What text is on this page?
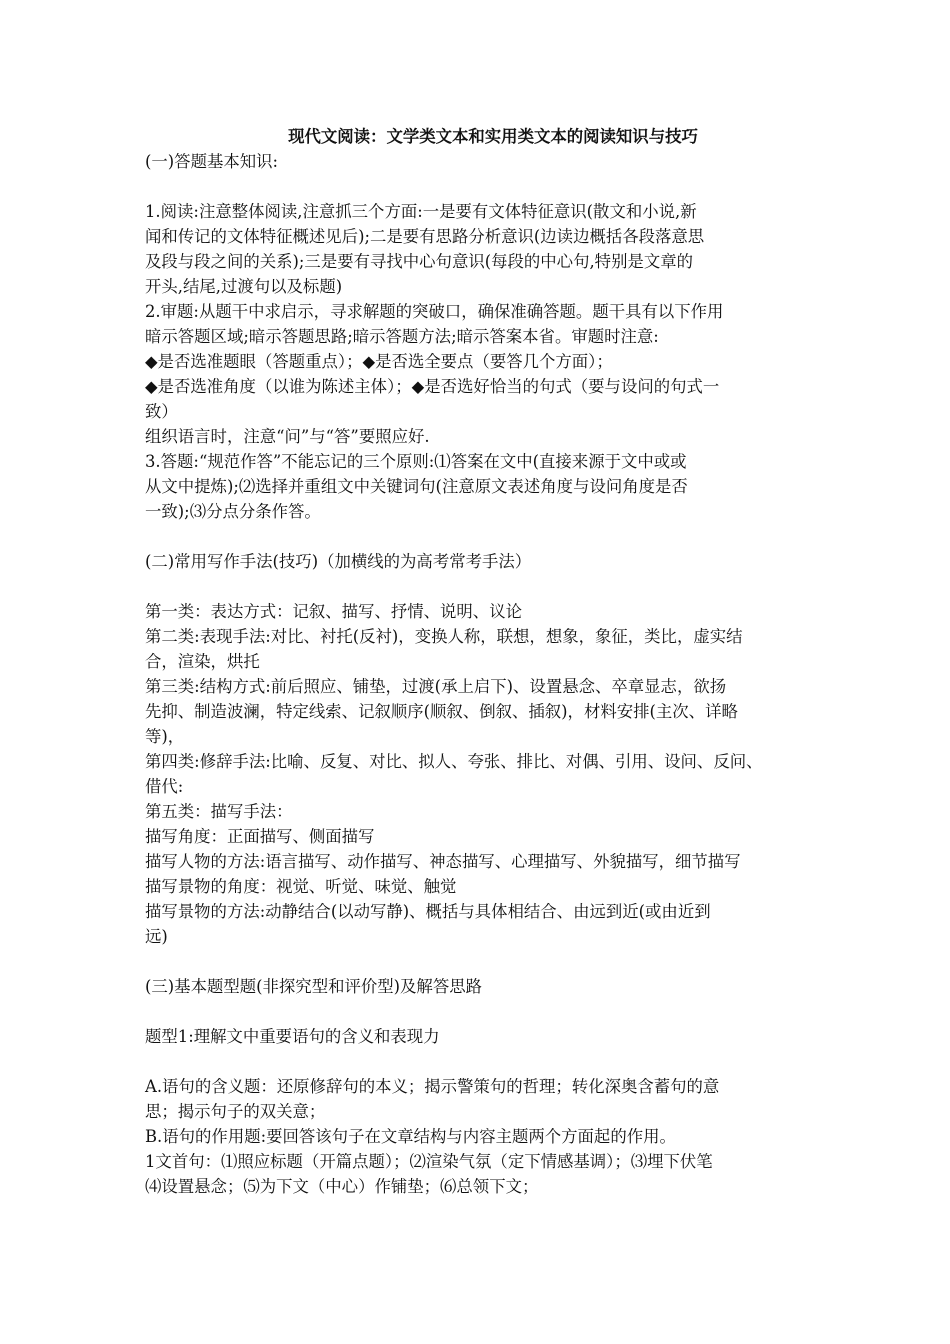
现代文阅读：文学类文本和实用类文本的阅读知识与技巧
(一)答题基本知识:
1.阅读:注意整体阅读,注意抓三个方面:一是要有文体特征意识(散文和小说,新
闻和传记的文体特征概述见后);二是要有思路分析意识(边读边概括各段落意思
及段与段之间的关系);三是要有寻找中心句意识(每段的中心句,特别是文章的
开头,结尾,过渡句以及标题)
2.审题:从题干中求启示，寻求解题的突破口，确保准确答题。题干具有以下作用
暗示答题区域;暗示答题思路;暗示答题方法;暗示答案本省。审题时注意:
◆是否选准题眼（答题重点）；◆是否选全要点（要答几个方面）；
◆是否选准角度（以谁为陈述主体）；◆是否选好恰当的句式（要与设问的句式一
致）
组织语言时，注意“问”与“答”要照应好.
3.答题:“规范作答”不能忘记的三个原则:⑴答案在文中(直接来源于文中或或
从文中提炼);⑵选择并重组文中关键词句(注意原文表述角度与设问角度是否
一致);⑶分点分条作答。
(二)常用写作手法(技巧)（加横线的为高考常考手法）
第一类：表达方式：记叙、描写、抒情、说明、议论
第二类:表现手法:对比、衬托(反衬)，变换人称，联想，想象，象征，类比，虚实结
合，渲染，烘托
第三类:结构方式:前后照应、铺垫，过渡(承上启下)、设置悬念、卒章显志，欲扬
先抑、制造波澜，特定线索、记叙顺序(顺叙、倒叙、插叙)，材料安排(主次、详略
等)，
第四类:修辞手法:比喻、反复、对比、拟人、夸张、排比、对偶、引用、设问、反问、
借代:
第五类：描写手法：
描写角度：正面描写、侧面描写
描写人物的方法:语言描写、动作描写、神态描写、心理描写、外貌描写，细节描写
描写景物的角度：视觉、听觉、味觉、触觉
描写景物的方法:动静结合(以动写静)、概括与具体相结合、由远到近(或由近到
远)
(三)基本题型题(非探究型和评价型)及解答思路
题型1:理解文中重要语句的含义和表现力
A.语句的含义题：还原修辞句的本义；揭示警策句的哲理；转化深奥含蓄句的意
思；揭示句子的双关意；
B.语句的作用题:要回答该句子在文章结构与内容主题两个方面起的作用。
1文首句：⑴照应标题（开篇点题）；⑵渲染气氛（定下情感基调）；⑶埋下伏笔
⑷设置悬念；⑸为下文（中心）作铺垫；⑹总领下文；
